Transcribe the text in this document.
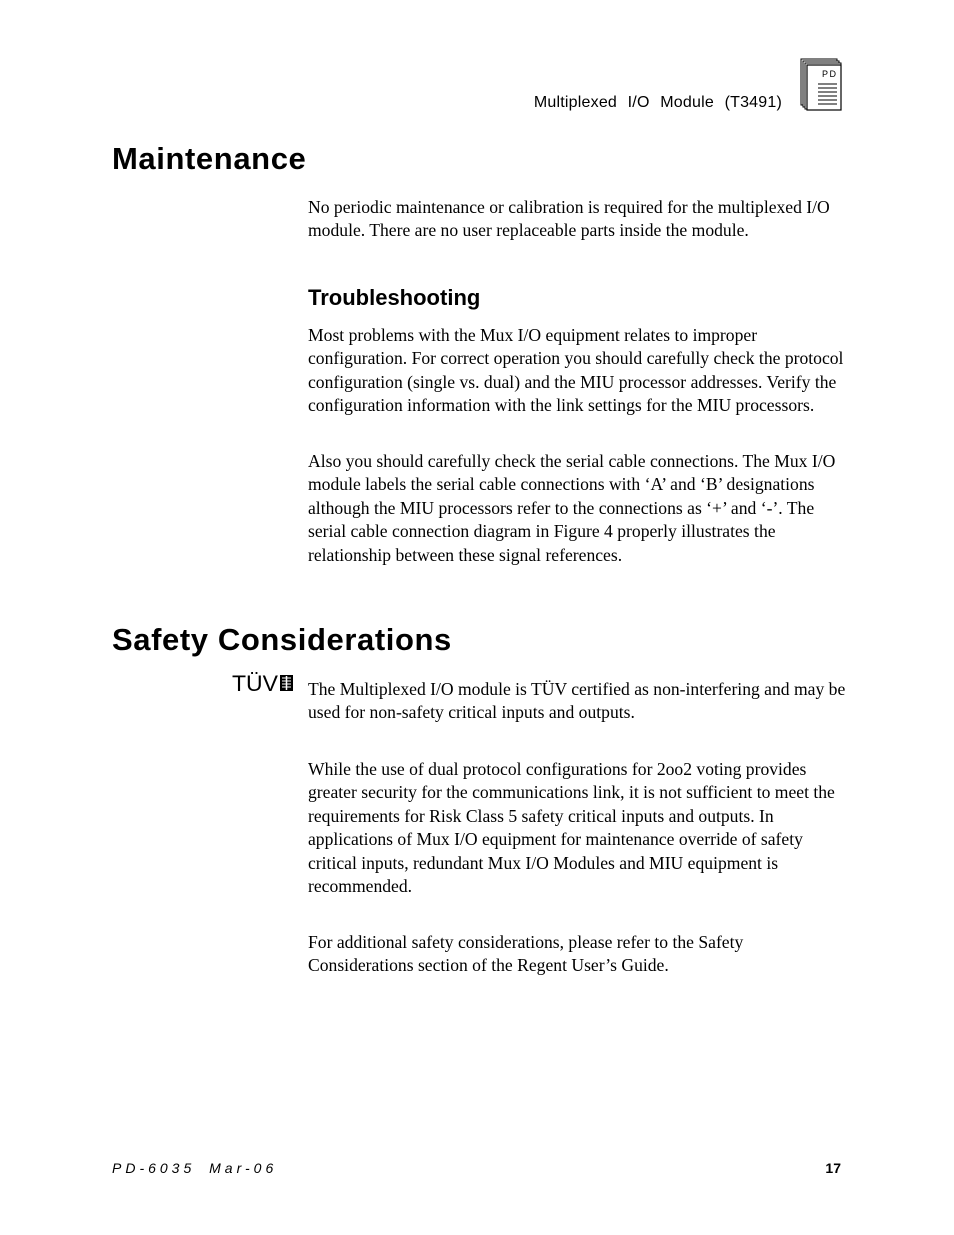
Multiplexed I/O Module (T3491)
PD
Maintenance

No periodic maintenance or calibration is required for the multiplexed I/O module. There are no user replaceable parts inside the module.

Troubleshooting

Most problems with the Mux I/O equipment relates to improper configuration. For correct operation you should carefully check the protocol configuration (single vs. dual) and the MIU processor addresses. Verify the configuration information with the link settings for the MIU processors.

Also you should carefully check the serial cable connections. The Mux I/O module labels the serial cable connections with ‘A’ and ‘B’ designations although the MIU processors refer to the connections as ‘+’ and ‘-’. The serial cable connection diagram in Figure 4 properly illustrates the relationship between these signal references.

Safety Considerations
TÜV The Multiplexed I/O module is TÜV certified as non-interfering and may be used for non-safety critical inputs and outputs.

While the use of dual protocol configurations for 2oo2 voting provides greater security for the communications link, it is not sufficient to meet the requirements for Risk Class 5 safety critical inputs and outputs. In applications of Mux I/O equipment for maintenance override of safety critical inputs, redundant Mux I/O Modules and MIU equipment is recommended.

For additional safety considerations, please refer to the Safety Considerations section of the Regent User’s Guide.

PD-6035 Mar-06	17
